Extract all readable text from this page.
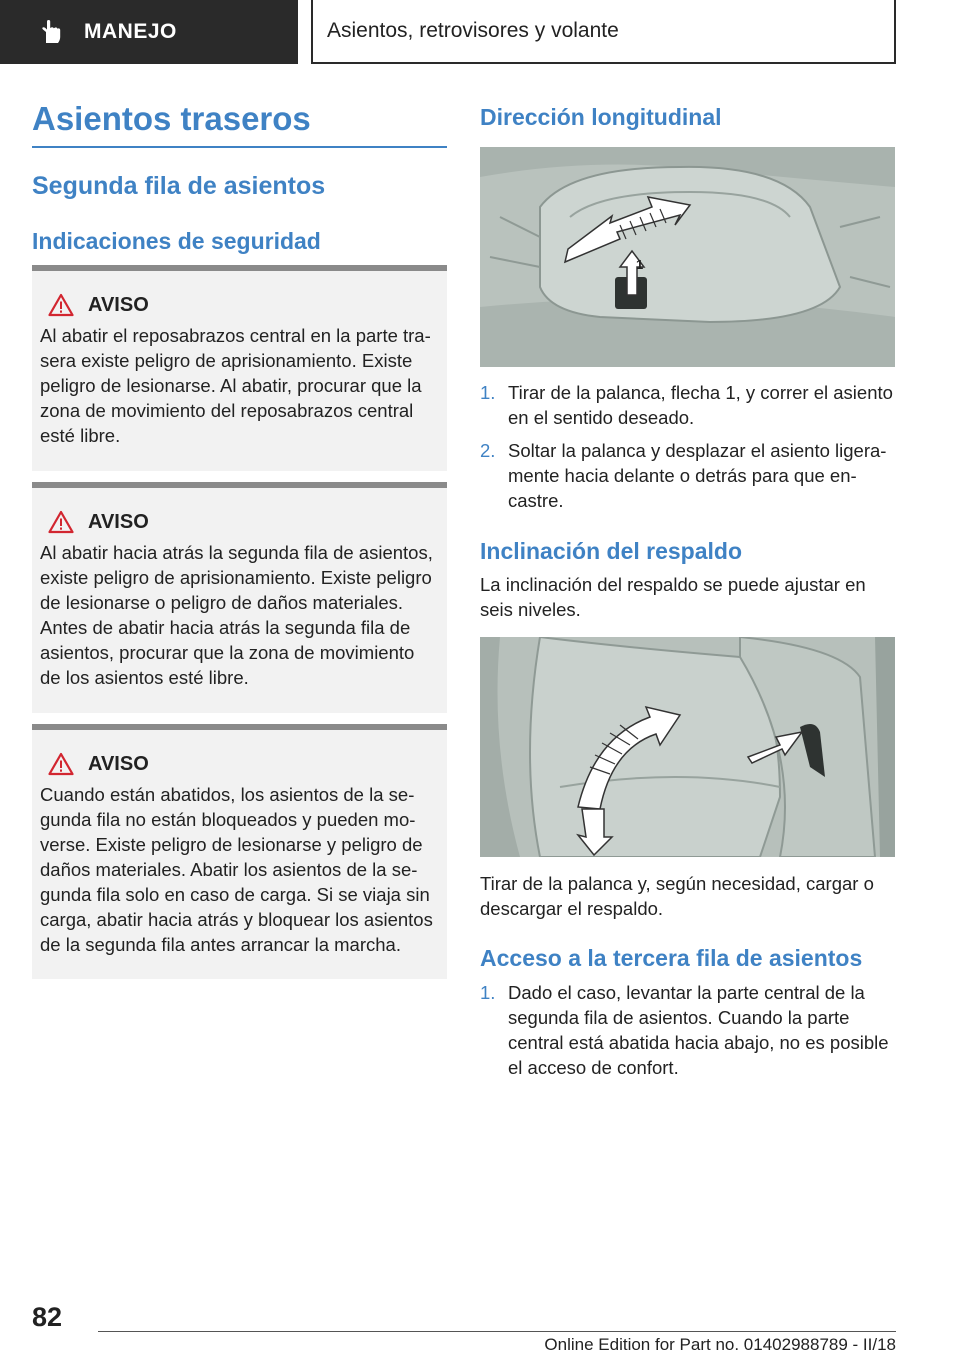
MANEJO	Asientos, retrovisores y volante
Asientos traseros
Segunda fila de asientos
Indicaciones de seguridad
AVISO
Al abatir el reposabrazos central en la parte trasera existe peligro de aprisionamiento. Existe peligro de lesionarse. Al abatir, procurar que la zona de movimiento del reposabrazos central esté libre.
AVISO
Al abatir hacia atrás la segunda fila de asientos, existe peligro de aprisionamiento. Existe peligro de lesionarse o peligro de daños materiales. Antes de abatir hacia atrás la segunda fila de asientos, procurar que la zona de movimiento de los asientos esté libre.
AVISO
Cuando están abatidos, los asientos de la segunda fila no están bloqueados y pueden moverse. Existe peligro de lesionarse y peligro de daños materiales. Abatir los asientos de la segunda fila solo en caso de carga. Si se viaja sin carga, abatir hacia atrás y bloquear los asientos de la segunda fila antes arrancar la marcha.
Dirección longitudinal
1
1. Tirar de la palanca, flecha 1, y correr el asiento en el sentido deseado.
2. Soltar la palanca y desplazar el asiento ligeramente hacia delante o detrás para que encastre.
Inclinación del respaldo
La inclinación del respaldo se puede ajustar en seis niveles.
Tirar de la palanca y, según necesidad, cargar o descargar el respaldo.
Acceso a la tercera fila de asientos
1. Dado el caso, levantar la parte central de la segunda fila de asientos. Cuando la parte central está abatida hacia abajo, no es posible el acceso de confort.
82
Online Edition for Part no. 01402988789 - II/18
